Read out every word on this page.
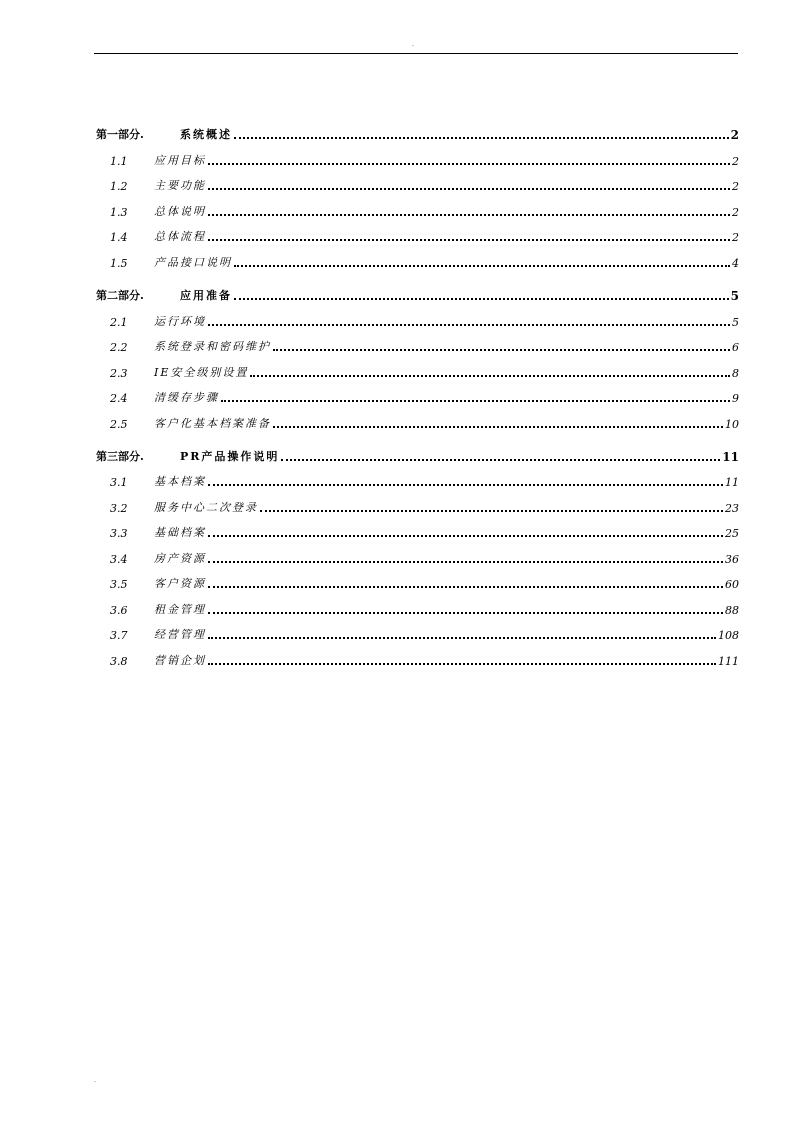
.
第一部分.	系统概述	2
1.1	应用目标	2
1.2	主要功能	2
1.3	总体说明	2
1.4	总体流程	2
1.5	产品接口说明	4
第二部分.	应用准备	5
2.1	运行环境	5
2.2	系统登录和密码维护	6
2.3	IE安全级别设置	8
2.4	清缓存步骤	9
2.5	客户化基本档案准备	10
第三部分.	PR产品操作说明	11
3.1	基本档案	11
3.2	服务中心二次登录	23
3.3	基础档案	25
3.4	房产资源	36
3.5	客户资源	60
3.6	租金管理	88
3.7	经营管理	108
3.8	营销企划	111
.
